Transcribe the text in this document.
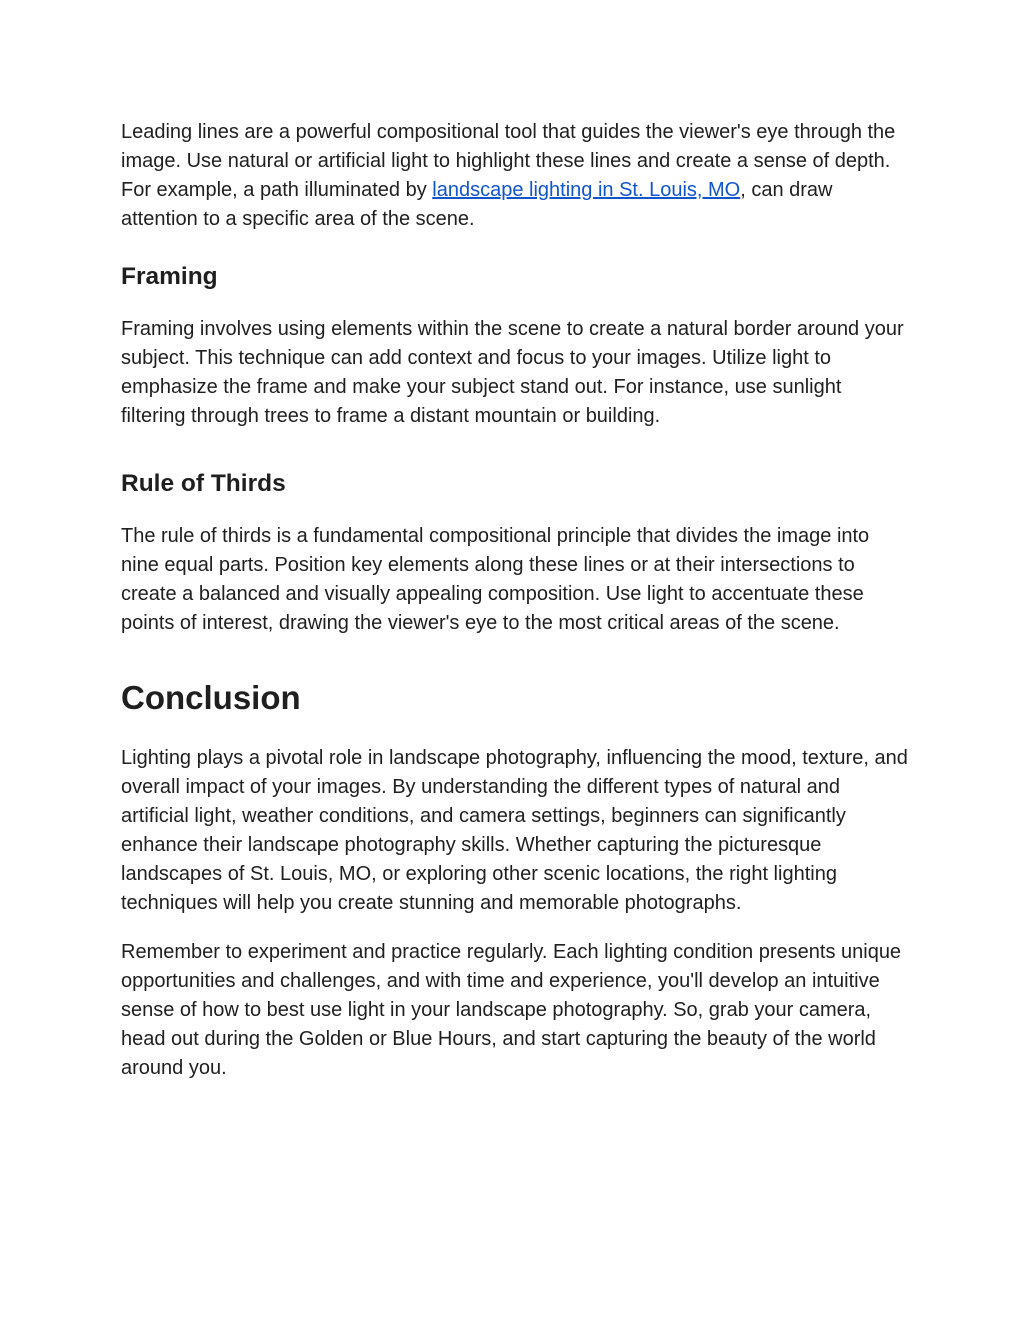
Leading lines are a powerful compositional tool that guides the viewer's eye through the image. Use natural or artificial light to highlight these lines and create a sense of depth. For example, a path illuminated by landscape lighting in St. Louis, MO, can draw attention to a specific area of the scene.

Framing

Framing involves using elements within the scene to create a natural border around your subject. This technique can add context and focus to your images. Utilize light to emphasize the frame and make your subject stand out. For instance, use sunlight filtering through trees to frame a distant mountain or building.

Rule of Thirds

The rule of thirds is a fundamental compositional principle that divides the image into nine equal parts. Position key elements along these lines or at their intersections to create a balanced and visually appealing composition. Use light to accentuate these points of interest, drawing the viewer's eye to the most critical areas of the scene.

Conclusion

Lighting plays a pivotal role in landscape photography, influencing the mood, texture, and overall impact of your images. By understanding the different types of natural and artificial light, weather conditions, and camera settings, beginners can significantly enhance their landscape photography skills. Whether capturing the picturesque landscapes of St. Louis, MO, or exploring other scenic locations, the right lighting techniques will help you create stunning and memorable photographs.

Remember to experiment and practice regularly. Each lighting condition presents unique opportunities and challenges, and with time and experience, you'll develop an intuitive sense of how to best use light in your landscape photography. So, grab your camera, head out during the Golden or Blue Hours, and start capturing the beauty of the world around you.
